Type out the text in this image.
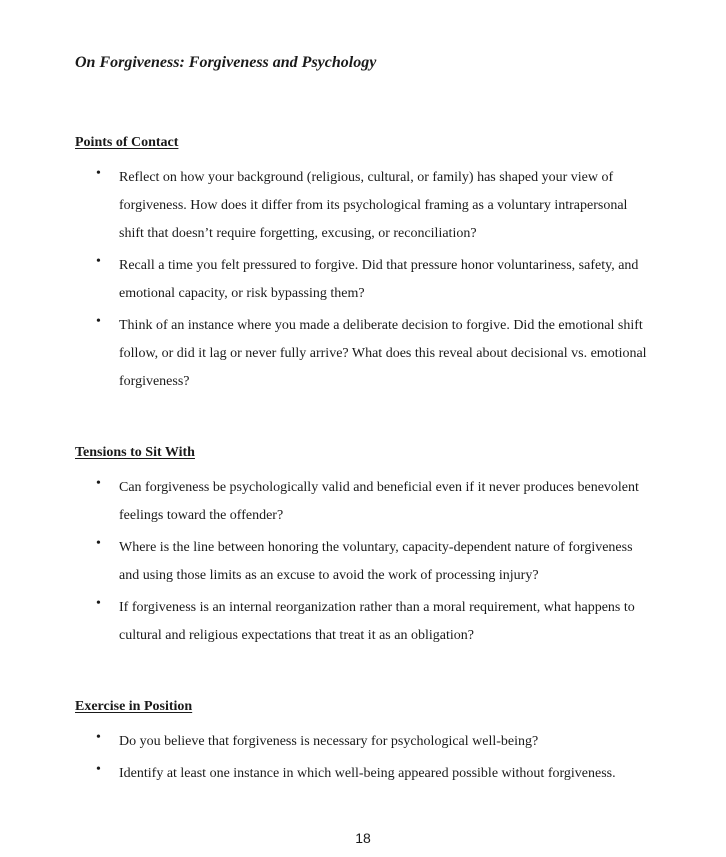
On Forgiveness: Forgiveness and Psychology
Points of Contact
• Reflect on how your background (religious, cultural, or family) has shaped your view of forgiveness. How does it differ from its psychological framing as a voluntary intrapersonal shift that doesn’t require forgetting, excusing, or reconciliation?
• Recall a time you felt pressured to forgive. Did that pressure honor voluntariness, safety, and emotional capacity, or risk bypassing them?
• Think of an instance where you made a deliberate decision to forgive. Did the emotional shift follow, or did it lag or never fully arrive? What does this reveal about decisional vs. emotional forgiveness?
Tensions to Sit With
• Can forgiveness be psychologically valid and beneficial even if it never produces benevolent feelings toward the offender?
• Where is the line between honoring the voluntary, capacity-dependent nature of forgiveness and using those limits as an excuse to avoid the work of processing injury?
• If forgiveness is an internal reorganization rather than a moral requirement, what happens to cultural and religious expectations that treat it as an obligation?
Exercise in Position
• Do you believe that forgiveness is necessary for psychological well-being?
• Identify at least one instance in which well-being appeared possible without forgiveness.

18
